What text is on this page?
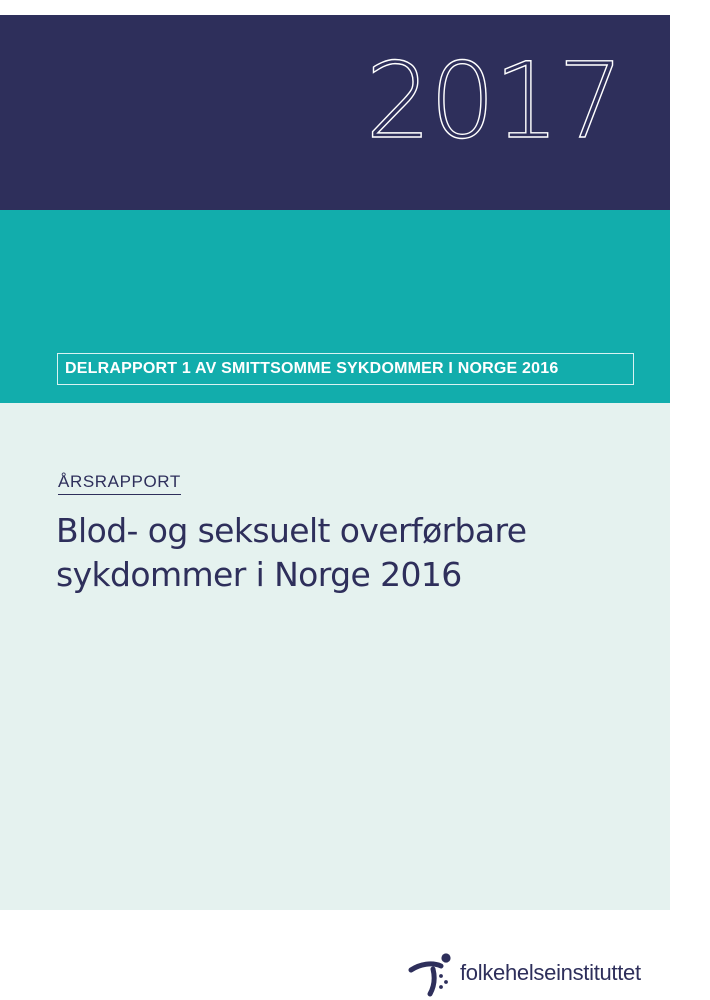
2017
DELRAPPORT 1 AV SMITTSOMME SYKDOMMER I NORGE 2016
ÅRSRAPPORT
Blod- og seksuelt overførbare
sykdommer i Norge 2016
folkehelseinstituttet
